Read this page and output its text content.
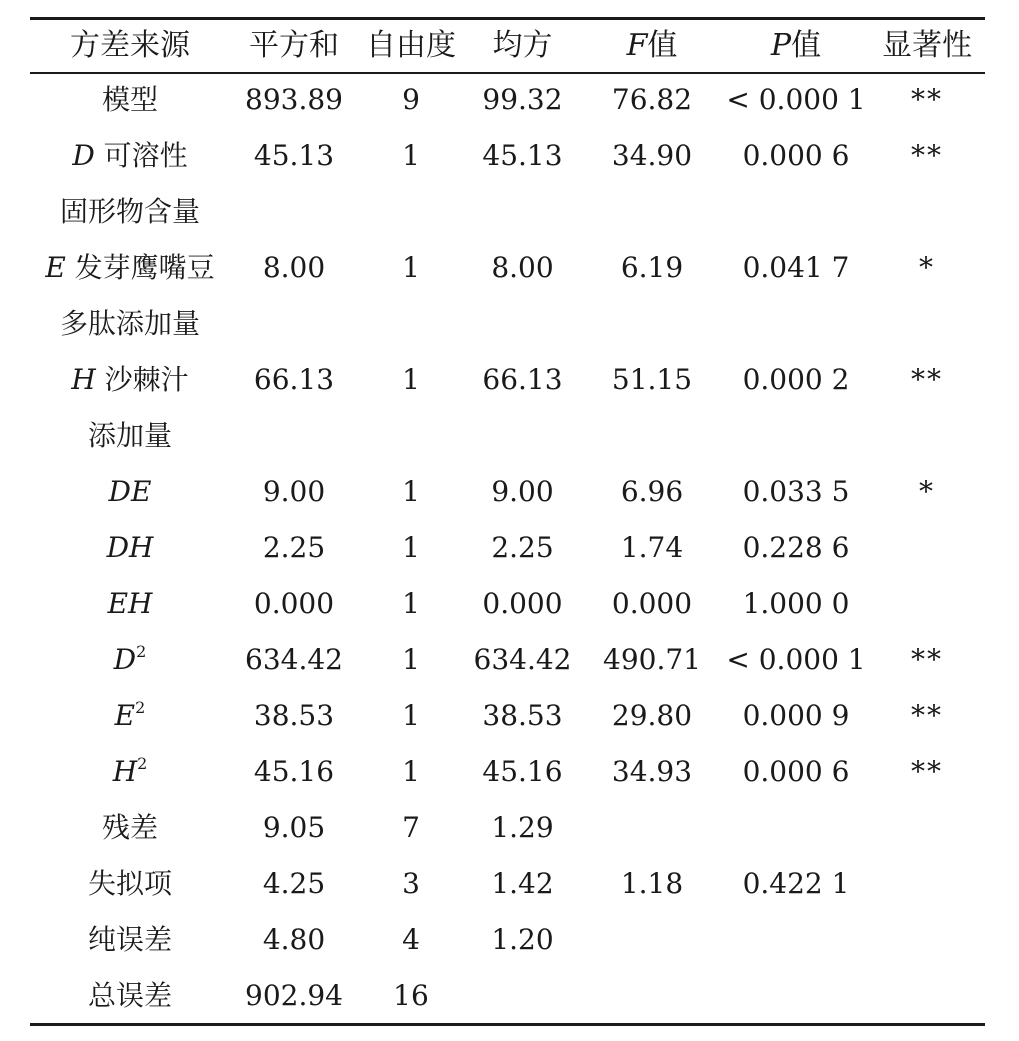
方差来源	平方和	自由度	均方	F值	P值	显著性
模型	893.89	9	99.32	76.82	< 0.000 1	**
D 可溶性	45.13	1	45.13	34.90	0.000 6	**
固形物含量						
E 发芽鹰嘴豆	8.00	1	8.00	6.19	0.041 7	*
多肽添加量						
H 沙棘汁	66.13	1	66.13	51.15	0.000 2	**
添加量						
DE	9.00	1	9.00	6.96	0.033 5	*
DH	2.25	1	2.25	1.74	0.228 6	
EH	0.000	1	0.000	0.000	1.000 0	
$D^2$	634.42	1	634.42	490.71	< 0.000 1	**
$E^2$	38.53	1	38.53	29.80	0.000 9	**
$H^2$	45.16	1	45.16	34.93	0.000 6	**
残差	9.05	7	1.29			
失拟项	4.25	3	1.42	1.18	0.422 1	
纯误差	4.80	4	1.20			
总误差	902.94	16				
